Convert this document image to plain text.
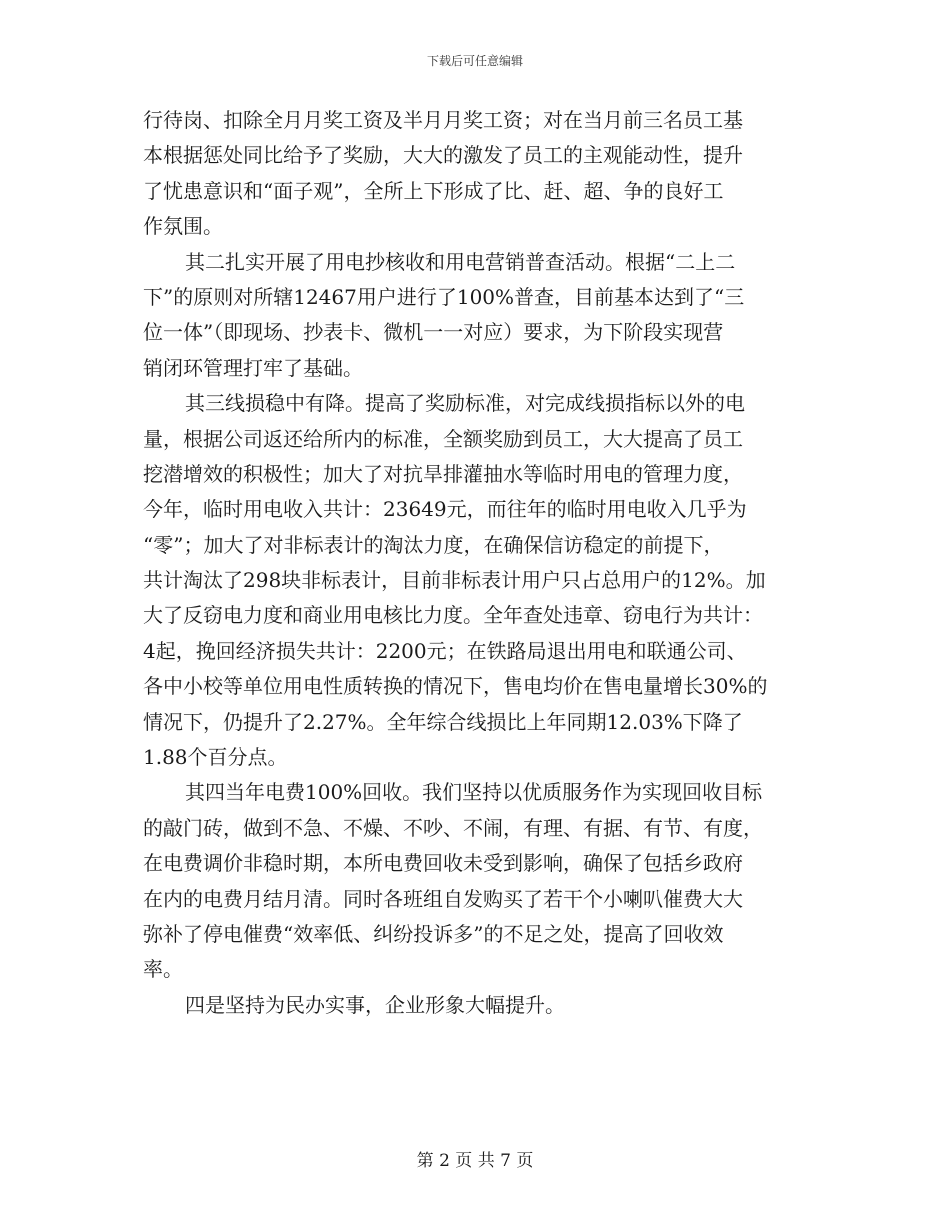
下载后可任意编辑
行待岗、扣除全月月奖工资及半月月奖工资；对在当月前三名员工基
本根据惩处同比给予了奖励，大大的激发了员工的主观能动性，提升
了忧患意识和“面子观”，全所上下形成了比、赶、超、争的良好工
作氛围。
其二扎实开展了用电抄核收和用电营销普查活动。根据“二上二
下”的原则对所辖12467用户进行了100%普查，目前基本达到了“三
位一体”（即现场、抄表卡、微机一一对应）要求，为下阶段实现营
销闭环管理打牢了基础。
其三线损稳中有降。提高了奖励标准，对完成线损指标以外的电
量，根据公司返还给所内的标准，全额奖励到员工，大大提高了员工
挖潜增效的积极性；加大了对抗旱排灌抽水等临时用电的管理力度，
今年，临时用电收入共计：23649元，而往年的临时用电收入几乎为
“零”；加大了对非标表计的淘汰力度，在确保信访稳定的前提下，
共计淘汰了298块非标表计，目前非标表计用户只占总用户的12%。加
大了反窃电力度和商业用电核比力度。全年查处违章、窃电行为共计：
4起，挽回经济损失共计：2200元；在铁路局退出用电和联通公司、
各中小校等单位用电性质转换的情况下，售电均价在售电量增长30%的
情况下，仍提升了2.27%。全年综合线损比上年同期12.03%下降了
1.88个百分点。
其四当年电费100%回收。我们坚持以优质服务作为实现回收目标
的敲门砖，做到不急、不燥、不吵、不闹，有理、有据、有节、有度，
在电费调价非稳时期，本所电费回收未受到影响，确保了包括乡政府
在内的电费月结月清。同时各班组自发购买了若干个小喇叭催费大大
弥补了停电催费“效率低、纠纷投诉多”的不足之处，提高了回收效
率。
四是坚持为民办实事，企业形象大幅提升。
第 2 页 共 7 页
